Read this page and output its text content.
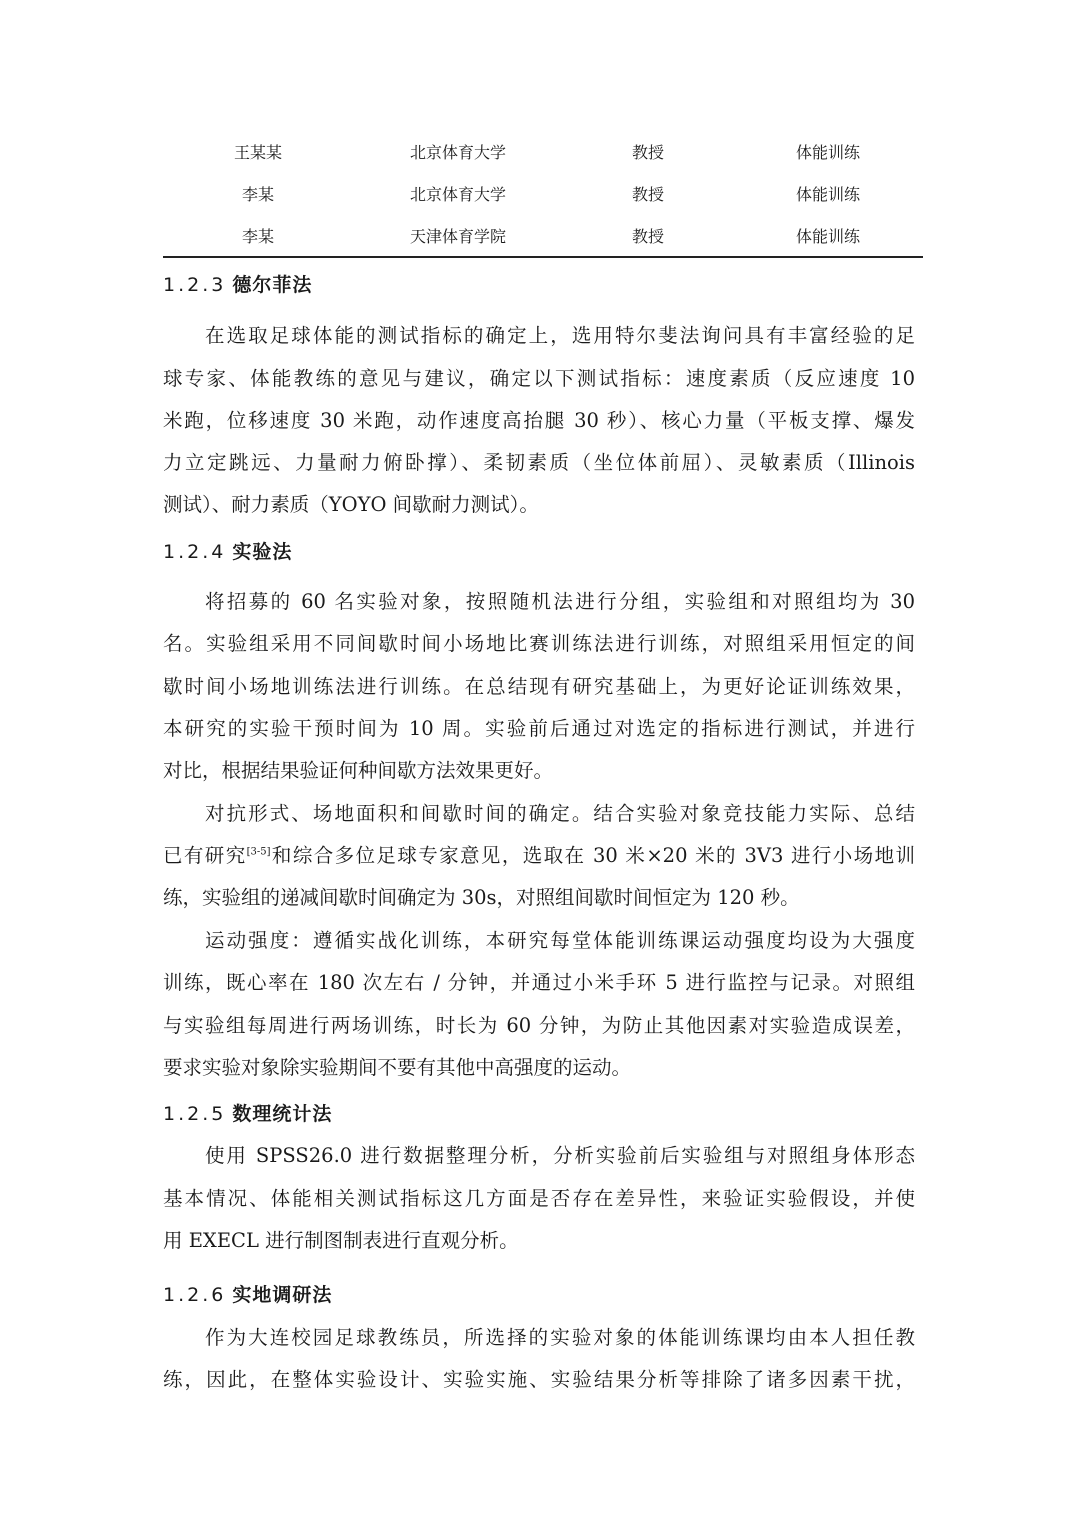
王某某	北京体育大学	教授	体能训练
李某	北京体育大学	教授	体能训练
李某	天津体育学院	教授	体能训练
1.2.3 德尔菲法
在选取足球体能的测试指标的确定上，选用特尔斐法询问具有丰富经验的足
球专家、体能教练的意见与建议，确定以下测试指标：速度素质（反应速度 10
米跑，位移速度 30 米跑，动作速度高抬腿 30 秒）、核心力量（平板支撑、爆发
力立定跳远、力量耐力俯卧撑）、柔韧素质（坐位体前屈）、灵敏素质（Illinois
测试）、耐力素质（YOYO 间歇耐力测试）。
1.2.4 实验法
将招募的 60 名实验对象，按照随机法进行分组，实验组和对照组均为 30
名。实验组采用不同间歇时间小场地比赛训练法进行训练，对照组采用恒定的间
歇时间小场地训练法进行训练。在总结现有研究基础上，为更好论证训练效果，
本研究的实验干预时间为 10 周。实验前后通过对选定的指标进行测试，并进行
对比，根据结果验证何种间歇方法效果更好。
对抗形式、场地面积和间歇时间的确定。结合实验对象竞技能力实际、总结
已有研究[3-5]和综合多位足球专家意见，选取在 30 米×20 米的 3V3 进行小场地训
练，实验组的递减间歇时间确定为 30s，对照组间歇时间恒定为 120 秒。
运动强度：遵循实战化训练，本研究每堂体能训练课运动强度均设为大强度
训练，既心率在 180 次左右 / 分钟，并通过小米手环 5 进行监控与记录。对照组
与实验组每周进行两场训练，时长为 60 分钟，为防止其他因素对实验造成误差，
要求实验对象除实验期间不要有其他中高强度的运动。
1.2.5 数理统计法
使用 SPSS26.0 进行数据整理分析，分析实验前后实验组与对照组身体形态
基本情况、体能相关测试指标这几方面是否存在差异性，来验证实验假设，并使
用 EXECL 进行制图制表进行直观分析。
1.2.6 实地调研法
作为大连校园足球教练员，所选择的实验对象的体能训练课均由本人担任教
练，因此，在整体实验设计、实验实施、实验结果分析等排除了诸多因素干扰，
